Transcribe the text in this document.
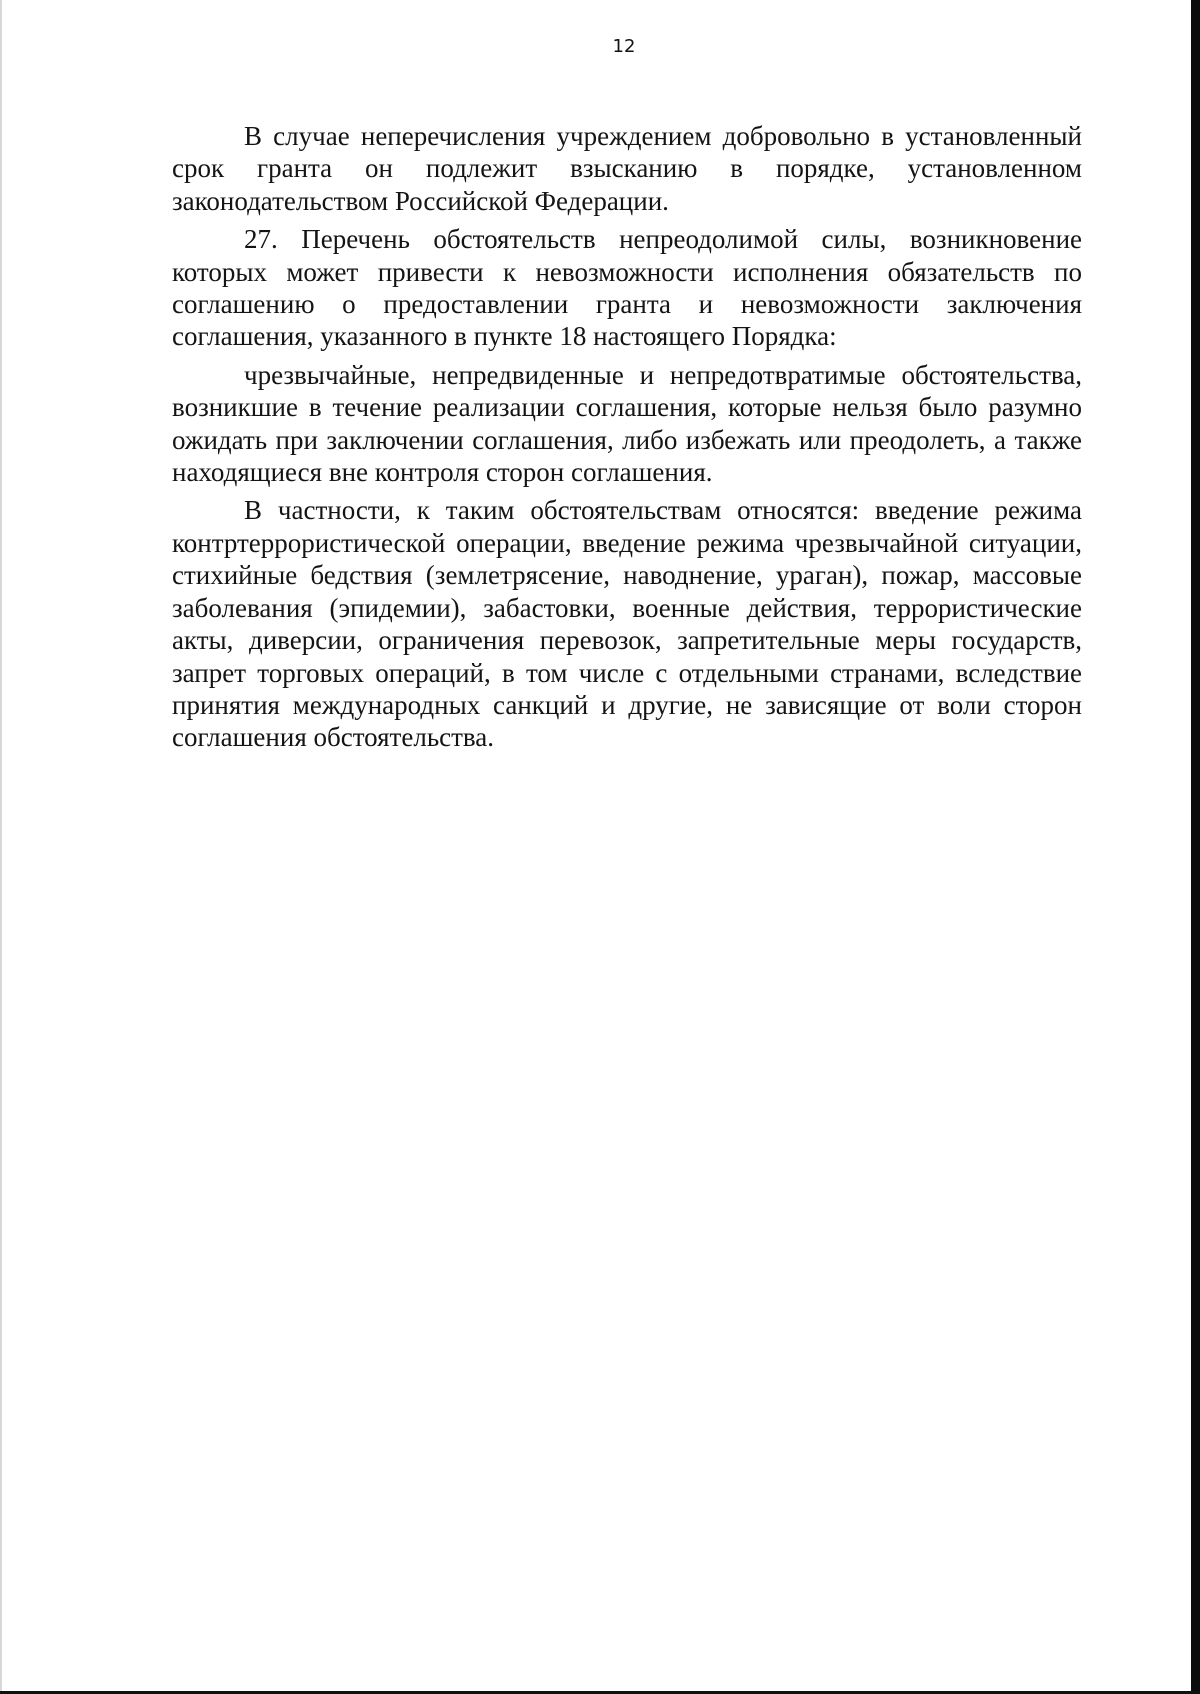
12

В случае неперечисления учреждением добровольно в установленный срок гранта он подлежит взысканию в порядке, установленном законодательством Российской Федерации.

27. Перечень обстоятельств непреодолимой силы, возникновение которых может привести к невозможности исполнения обязательств по соглашению о предоставлении гранта и невозможности заключения соглашения, указанного в пункте 18 настоящего Порядка:

чрезвычайные, непредвиденные и непредотвратимые обстоятельства, возникшие в течение реализации соглашения, которые нельзя было разумно ожидать при заключении соглашения, либо избежать или преодолеть, а также находящиеся вне контроля сторон соглашения.

В частности, к таким обстоятельствам относятся: введение режима контртеррористической операции, введение режима чрезвычайной ситуации, стихийные бедствия (землетрясение, наводнение, ураган), пожар, массовые заболевания (эпидемии), забастовки, военные действия, террористические акты, диверсии, ограничения перевозок, запретительные меры государств, запрет торговых операций, в том числе с отдельными странами, вследствие принятия международных санкций и другие, не зависящие от воли сторон соглашения обстоятельства.
